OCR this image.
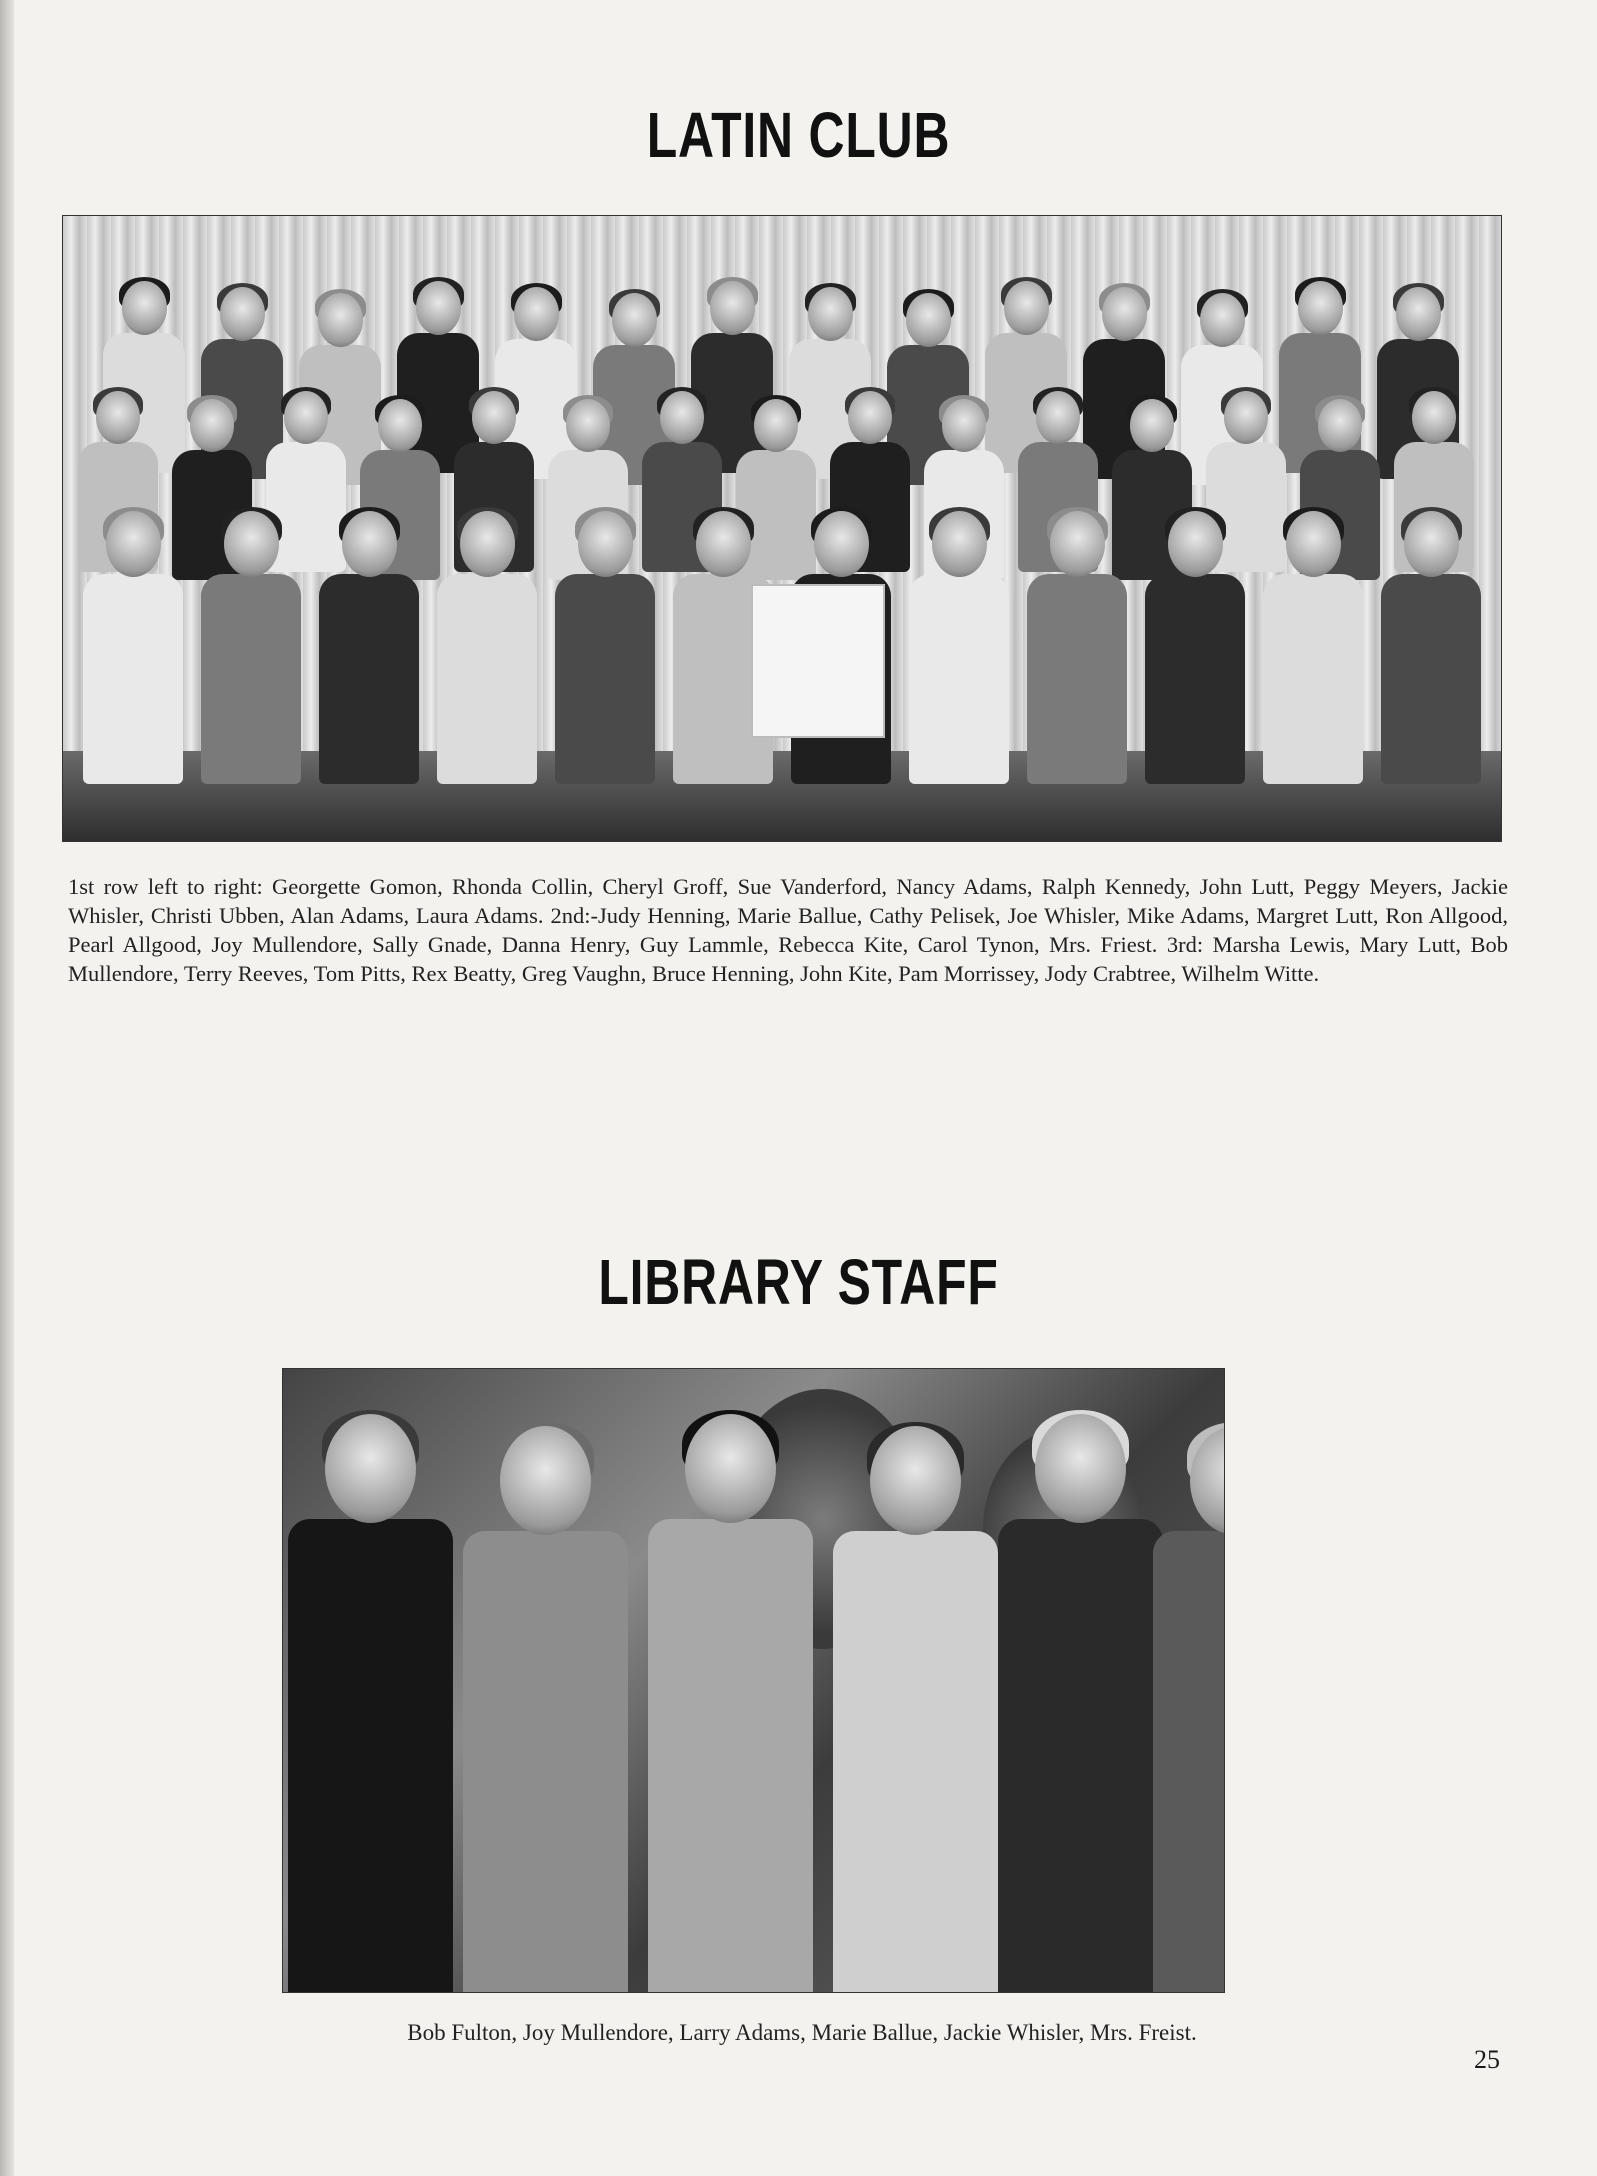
LATIN CLUB
1st row left to right: Georgette Gomon, Rhonda Collin, Cheryl Groff, Sue Vanderford, Nancy Adams, Ralph Kennedy, John Lutt, Peggy Meyers, Jackie Whisler, Christi Ubben, Alan Adams, Laura Adams. 2nd:-Judy Henning, Marie Ballue, Cathy Pelisek, Joe Whisler, Mike Adams, Margret Lutt, Ron Allgood, Pearl Allgood, Joy Mullendore, Sally Gnade, Danna Henry, Guy Lammle, Rebecca Kite, Carol Tynon, Mrs. Friest. 3rd: Marsha Lewis, Mary Lutt, Bob Mullendore, Terry Reeves, Tom Pitts, Rex Beatty, Greg Vaughn, Bruce Henning, John Kite, Pam Morrissey, Jody Crabtree, Wilhelm Witte.
LIBRARY STAFF
Bob Fulton, Joy Mullendore, Larry Adams, Marie Ballue, Jackie Whisler, Mrs. Freist.
25
